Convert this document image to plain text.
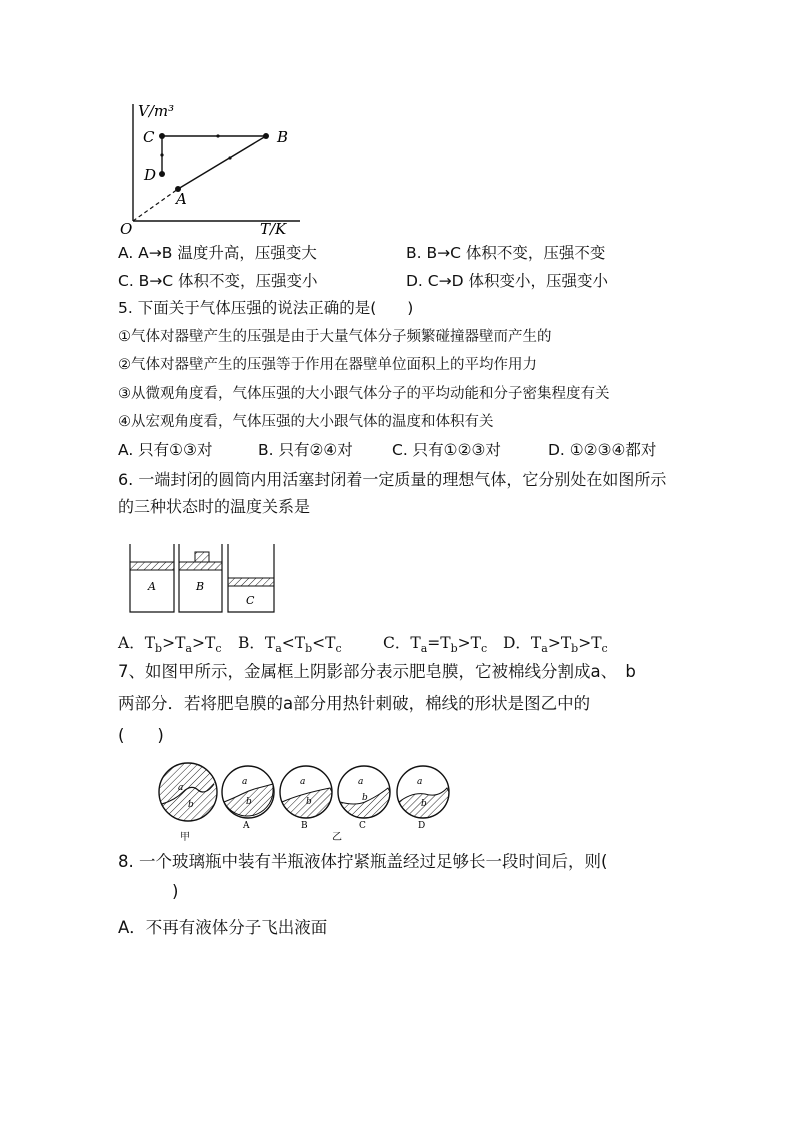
V/m³
T/K
O
A
B
C
D
A. A→B 温度升高，压强变大	B. B→C 体积不变，压强不变
C. B→C 体积不变，压强变小	D. C→D 体积变小，压强变小
5. 下面关于气体压强的说法正确的是(　　)
①气体对器壁产生的压强是由于大量气体分子频繁碰撞器壁而产生的
②气体对器壁产生的压强等于作用在器壁单位面积上的平均作用力
③从微观角度看，气体压强的大小跟气体分子的平均动能和分子密集程度有关
④从宏观角度看，气体压强的大小跟气体的温度和体积有关
A. 只有①③对	B. 只有②④对	C. 只有①②③对	D. ①②③④都对
6. 一端封闭的圆筒内用活塞封闭着一定质量的理想气体，它分别处在如图所示
的三种状态时的温度关系是
A	B
C
A．$T_b>T_a>T_c$ B．$T_a<T_b<T_c$	C．$T_a=T_b>T_c$ D．$T_a>T_b>T_c$
7、如图甲所示，金属框上阴影部分表示肥皂膜，它被棉线分割成a、　b
两部分．若将肥皂膜的a部分用热针刺破，棉线的形状是图乙中的
(　　)
a
b
甲
a
b
A
a
b
B
a
b
C
a
b
D
乙
8. 一个玻璃瓶中装有半瓶液体拧紧瓶盖经过足够长一段时间后，则(
)
A．不再有液体分子飞出液面
